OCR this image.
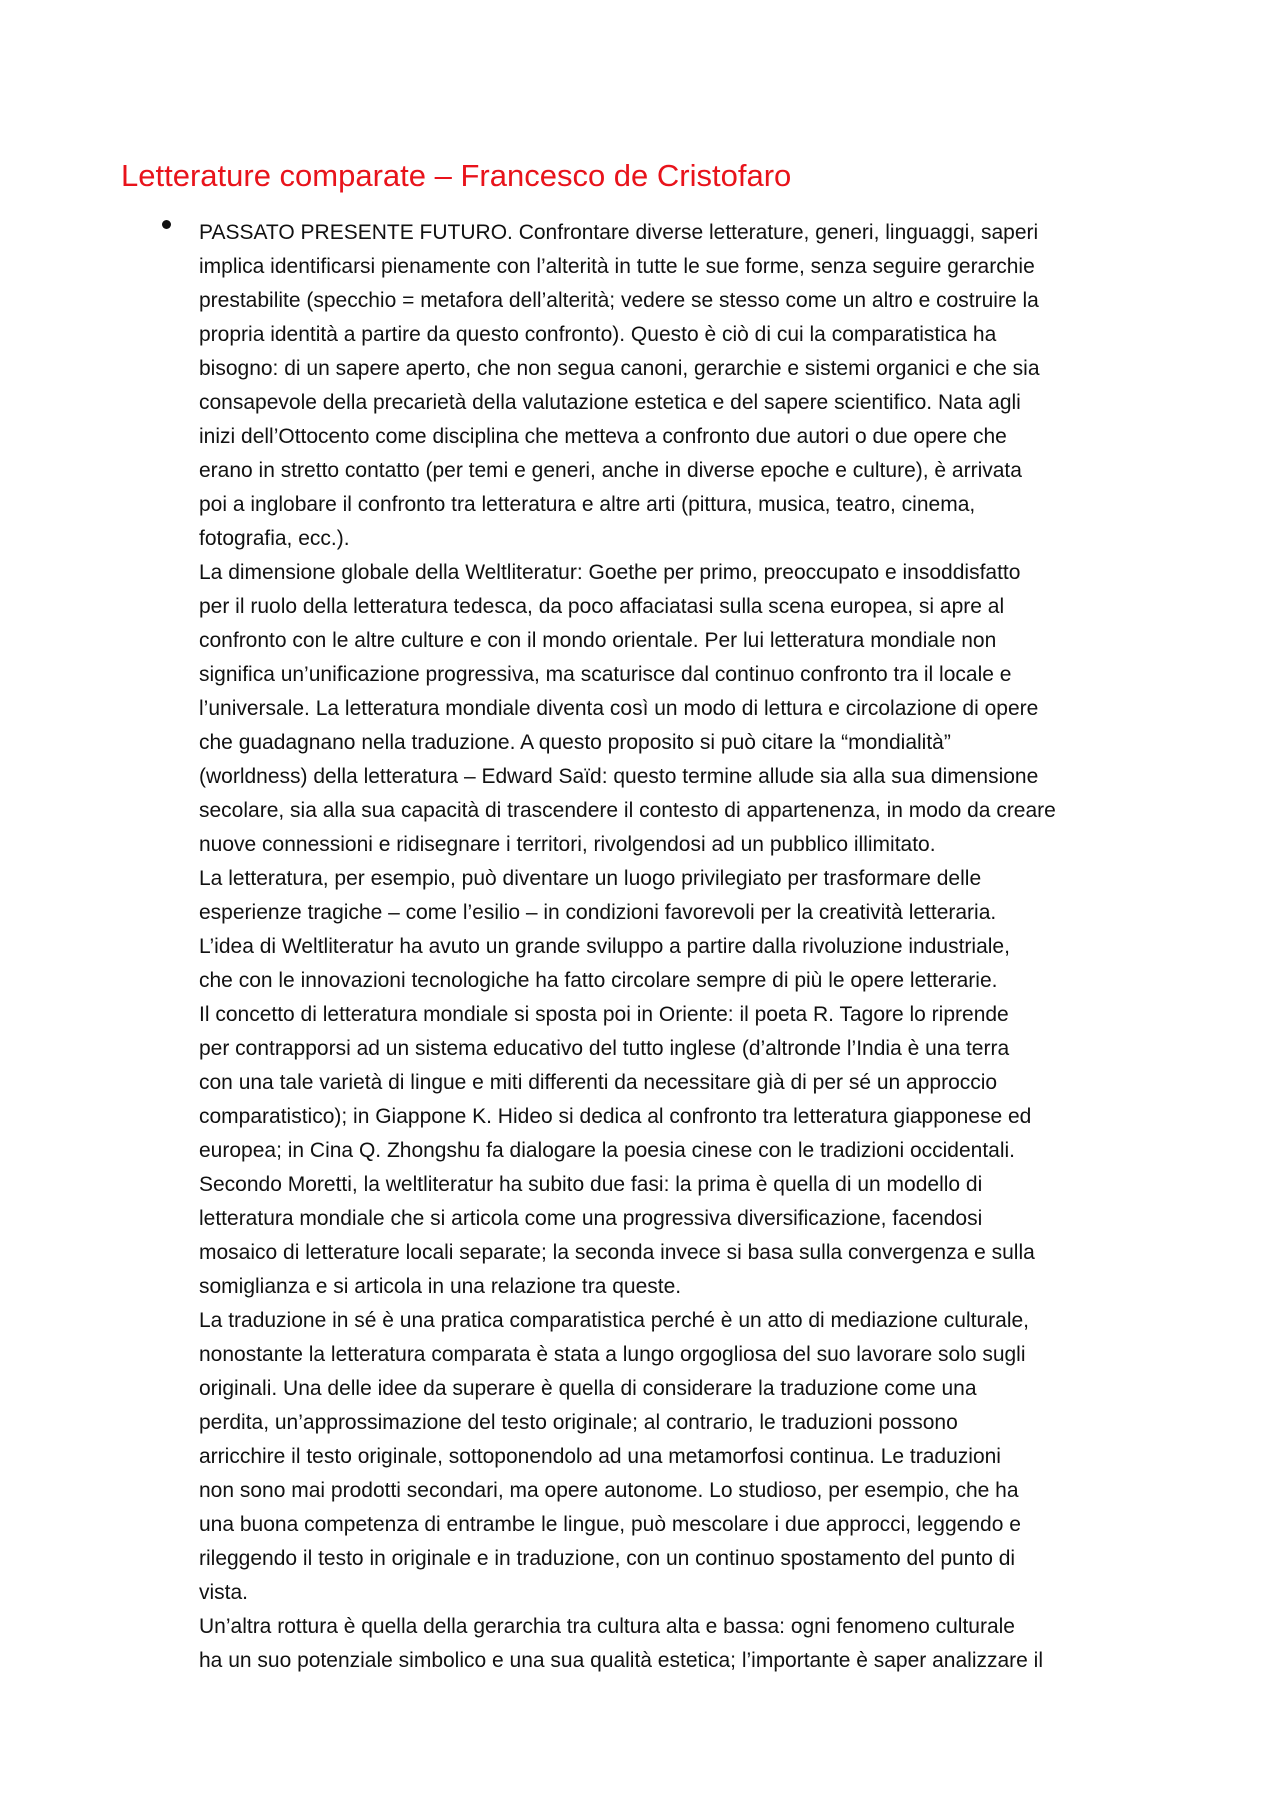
Letterature comparate – Francesco de Cristofaro
PASSATO PRESENTE FUTURO. Confrontare diverse letterature, generi, linguaggi, saperi
implica identificarsi pienamente con l’alterità in tutte le sue forme, senza seguire gerarchie
prestabilite (specchio = metafora dell’alterità; vedere se stesso come un altro e costruire la
propria identità a partire da questo confronto). Questo è ciò di cui la comparatistica ha
bisogno: di un sapere aperto, che non segua canoni, gerarchie e sistemi organici e che sia
consapevole della precarietà della valutazione estetica e del sapere scientifico. Nata agli
inizi dell’Ottocento come disciplina che metteva a confronto due autori o due opere che
erano in stretto contatto (per temi e generi, anche in diverse epoche e culture), è arrivata
poi a inglobare il confronto tra letteratura e altre arti (pittura, musica, teatro, cinema,
fotografia, ecc.).
La dimensione globale della Weltliteratur: Goethe per primo, preoccupato e insoddisfatto
per il ruolo della letteratura tedesca, da poco affaciatasi sulla scena europea, si apre al
confronto con le altre culture e con il mondo orientale. Per lui letteratura mondiale non
significa un’unificazione progressiva, ma scaturisce dal continuo confronto tra il locale e
l’universale. La letteratura mondiale diventa così un modo di lettura e circolazione di opere
che guadagnano nella traduzione. A questo proposito si può citare la “mondialità”
(worldness) della letteratura – Edward Saïd: questo termine allude sia alla sua dimensione
secolare, sia alla sua capacità di trascendere il contesto di appartenenza, in modo da creare
nuove connessioni e ridisegnare i territori, rivolgendosi ad un pubblico illimitato.
La letteratura, per esempio, può diventare un luogo privilegiato per trasformare delle
esperienze tragiche – come l’esilio – in condizioni favorevoli per la creatività letteraria.
L’idea di Weltliteratur ha avuto un grande sviluppo a partire dalla rivoluzione industriale,
che con le innovazioni tecnologiche ha fatto circolare sempre di più le opere letterarie.
Il concetto di letteratura mondiale si sposta poi in Oriente: il poeta R. Tagore lo riprende
per contrapporsi ad un sistema educativo del tutto inglese (d’altronde l’India è una terra
con una tale varietà di lingue e miti differenti da necessitare già di per sé un approccio
comparatistico); in Giappone K. Hideo si dedica al confronto tra letteratura giapponese ed
europea; in Cina Q. Zhongshu fa dialogare la poesia cinese con le tradizioni occidentali.
Secondo Moretti, la weltliteratur ha subito due fasi: la prima è quella di un modello di
letteratura mondiale che si articola come una progressiva diversificazione, facendosi
mosaico di letterature locali separate; la seconda invece si basa sulla convergenza e sulla
somiglianza e si articola in una relazione tra queste.
La traduzione in sé è una pratica comparatistica perché è un atto di mediazione culturale,
nonostante la letteratura comparata è stata a lungo orgogliosa del suo lavorare solo sugli
originali. Una delle idee da superare è quella di considerare la traduzione come una
perdita, un’approssimazione del testo originale; al contrario, le traduzioni possono
arricchire il testo originale, sottoponendolo ad una metamorfosi continua. Le traduzioni
non sono mai prodotti secondari, ma opere autonome. Lo studioso, per esempio, che ha
una buona competenza di entrambe le lingue, può mescolare i due approcci, leggendo e
rileggendo il testo in originale e in traduzione, con un continuo spostamento del punto di
vista.
Un’altra rottura è quella della gerarchia tra cultura alta e bassa: ogni fenomeno culturale
ha un suo potenziale simbolico e una sua qualità estetica; l’importante è saper analizzare il
